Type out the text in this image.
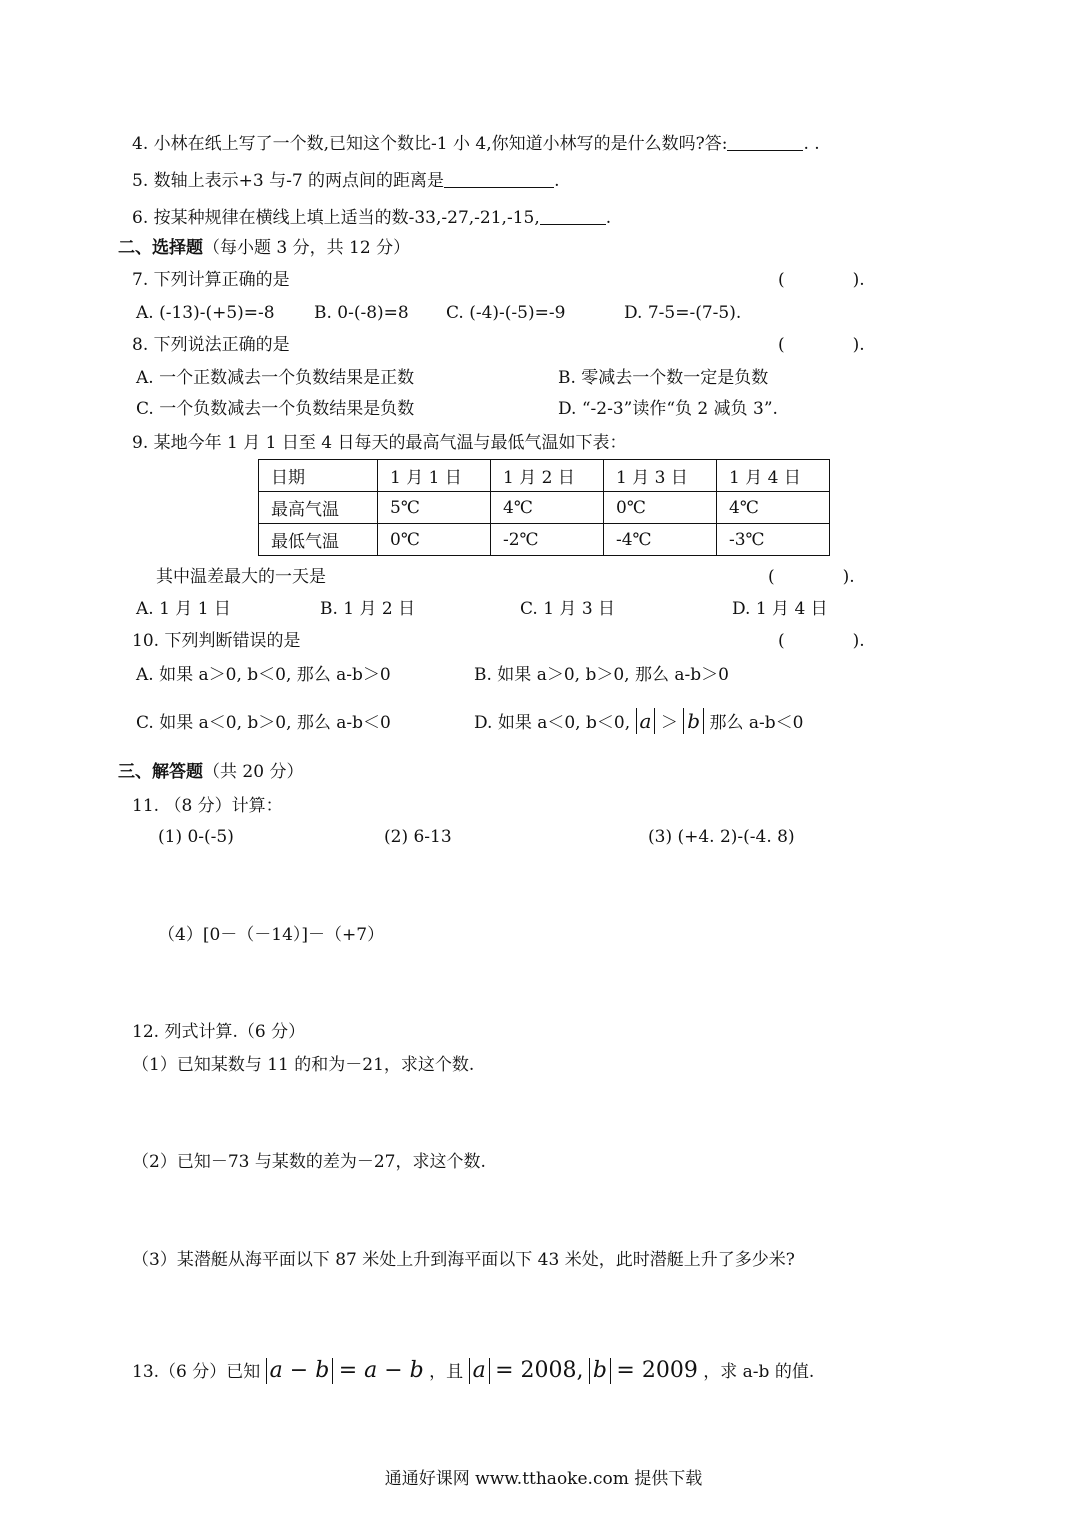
4. 小林在纸上写了一个数,已知这个数比-1 小 4,你知道小林写的是什么数吗?答:	. .
5. 数轴上表示+3 与-7 的两点间的距离是	.
6. 按某种规律在横线上填上适当的数-33,-27,-21,-15,	.
二、选择题（每小题 3 分，共 12 分）
7. 下列计算正确的是	(　　　　).
A. (-13)-(+5)=-8 B. 0-(-8)=8 C. (-4)-(-5)=-9	D. 7-5=-(7-5).
8. 下列说法正确的是	(　　　　).
A. 一个正数减去一个负数结果是正数	B. 零减去一个数一定是负数
C. 一个负数减去一个负数结果是负数	D. “-2-3”读作“负 2 减负 3”.
9. 某地今年 1 月 1 日至 4 日每天的最高气温与最低气温如下表：
日期	1 月 1 日	1 月 2 日	1 月 3 日	1 月 4 日
最高气温	5℃	4℃	0℃	4℃
最低气温	0℃	-2℃	-4℃	-3℃
其中温差最大的一天是	(　　　　).
A. 1 月 1 日	B. 1 月 2 日	C. 1 月 3 日	D. 1 月 4 日
10. 下列判断错误的是	(　　　　).
A. 如果 a＞0, b＜0, 那么 a-b＞0	B. 如果 a＞0, b＞0, 那么 a-b＞0
C. 如果 a＜0, b＞0, 那么 a-b＜0	D. 如果 a＜0, b＜0, a ＞ b 那么 a-b＜0
三、解答题（共 20 分）
11. （8 分）计算：
(1) 0-(-5)	(2) 6-13	(3) (+4. 2)-(-4. 8)
（4）[0－（－14）]－（+7）
12. 列式计算.（6 分）
（1）已知某数与 11 的和为－21，求这个数.
（2）已知－73 与某数的差为－27，求这个数.
（3）某潜艇从海平面以下 87 米处上升到海平面以下 43 米处，此时潜艇上升了多少米?
13.（6 分）已知 a − b = a − b ，且 a = 2008, b = 2009 ，求 a-b 的值.
通通好课网 www.tthaoke.com 提供下载
